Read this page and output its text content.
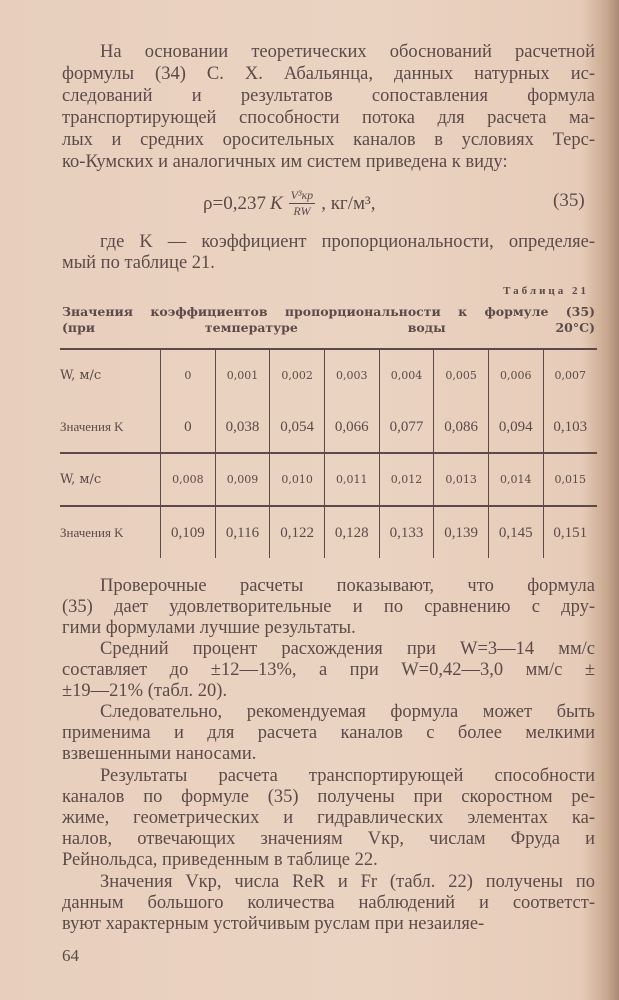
На основании теоретических обоснований расчетной
формулы (34) С. Х. Абальянца, данных натурных ис-
следований и результатов сопоставления формула
транспортирующей способности потока для расчета ма-
лых и средних оросительных каналов в условиях Терс-
ко-Кумских и аналогичных им систем приведена к виду:
где K — коэффициент пропорциональности, определяе-
мый по таблице 21.
Проверочные расчеты показывают, что формула
(35) дает удовлетворительные и по сравнению с дру-
гими формулами лучшие результаты.
Средний процент расхождения при W=3—14 мм/с
составляет до ±12—13%, а при W=0,42—3,0 мм/с ±
±19—21% (табл. 20).
Следовательно, рекомендуемая формула может быть
применима и для расчета каналов с более мелкими
взвешенными наносами.
Результаты расчета транспортирующей способности
каналов по формуле (35) получены при скоростном ре-
жиме, геометрических и гидравлических элементах ка-
налов, отвечающих значениям Vкр, числам Фруда и
Рейнольдса, приведенным в таблице 22.
Значения Vкр, числа ReR и Fr (табл. 22) получены по
данным большого количества наблюдений и соответст-
вуют характерным устойчивым руслам при незаиляе-
ρ=0,237 K $\frac{\text{V³кр}}{RW}$ , кг/м³,	(35)
Таблица 21
Значения коэффициентов пропорциональности к формуле (35)
(при температуре воды 20°С)
W, м/с	0	0,001	0,002	0,003	0,004	0,005	0,006	0,007
Значения K	0	0,038	0,054	0,066	0,077	0,086	0,094	0,103
W, м/с	0,008	0,009	0,010	0,011	0,012	0,013	0,014	0,015
Значения K	0,109	0,116	0,122	0,128	0,133	0,139	0,145	0,151
64
